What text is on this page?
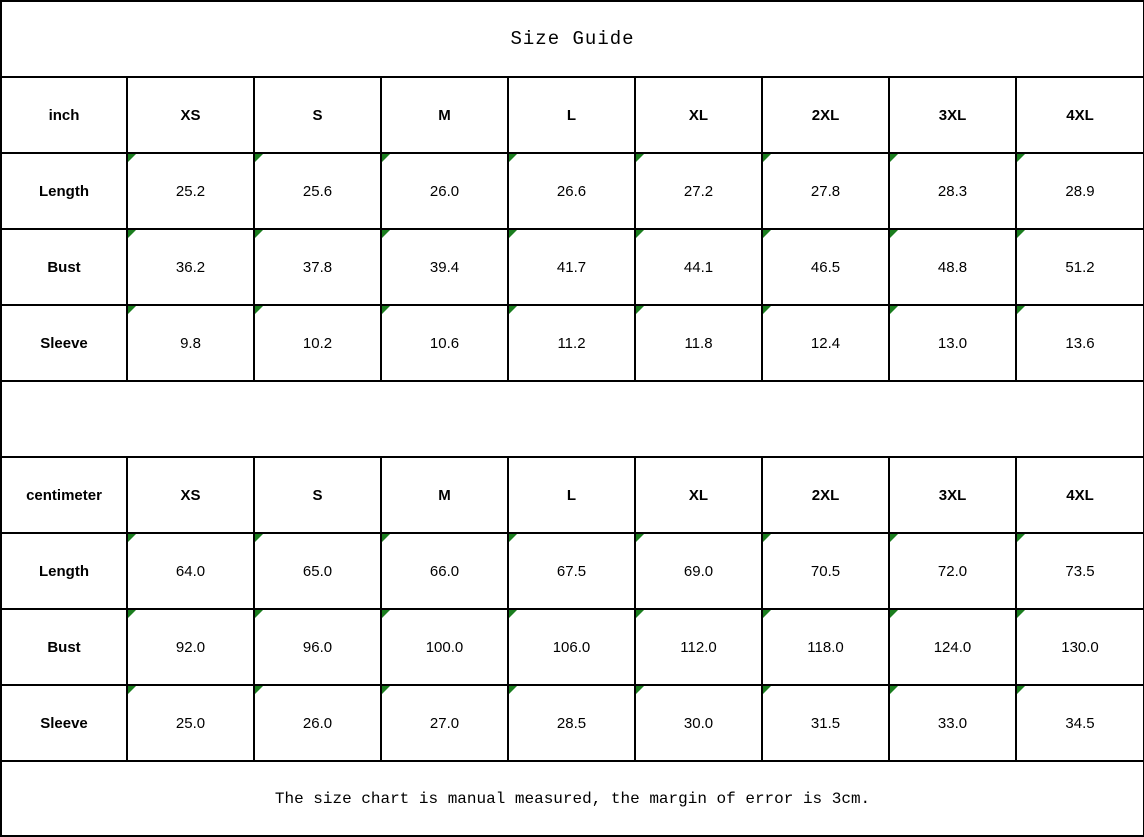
Size Guide								
inch	XS	S	M	L	XL	2XL	3XL	4XL
Length	25.2	25.6	26.0	26.6	27.2	27.8	28.3	28.9
Bust	36.2	37.8	39.4	41.7	44.1	46.5	48.8	51.2
Sleeve	9.8	10.2	10.6	11.2	11.8	12.4	13.0	13.6

centimeter	XS	S	M	L	XL	2XL	3XL	4XL
Length	64.0	65.0	66.0	67.5	69.0	70.5	72.0	73.5
Bust	92.0	96.0	100.0	106.0	112.0	118.0	124.0	130.0
Sleeve	25.0	26.0	27.0	28.5	30.0	31.5	33.0	34.5
The size chart is manual measured, the margin of error is 3cm.								
